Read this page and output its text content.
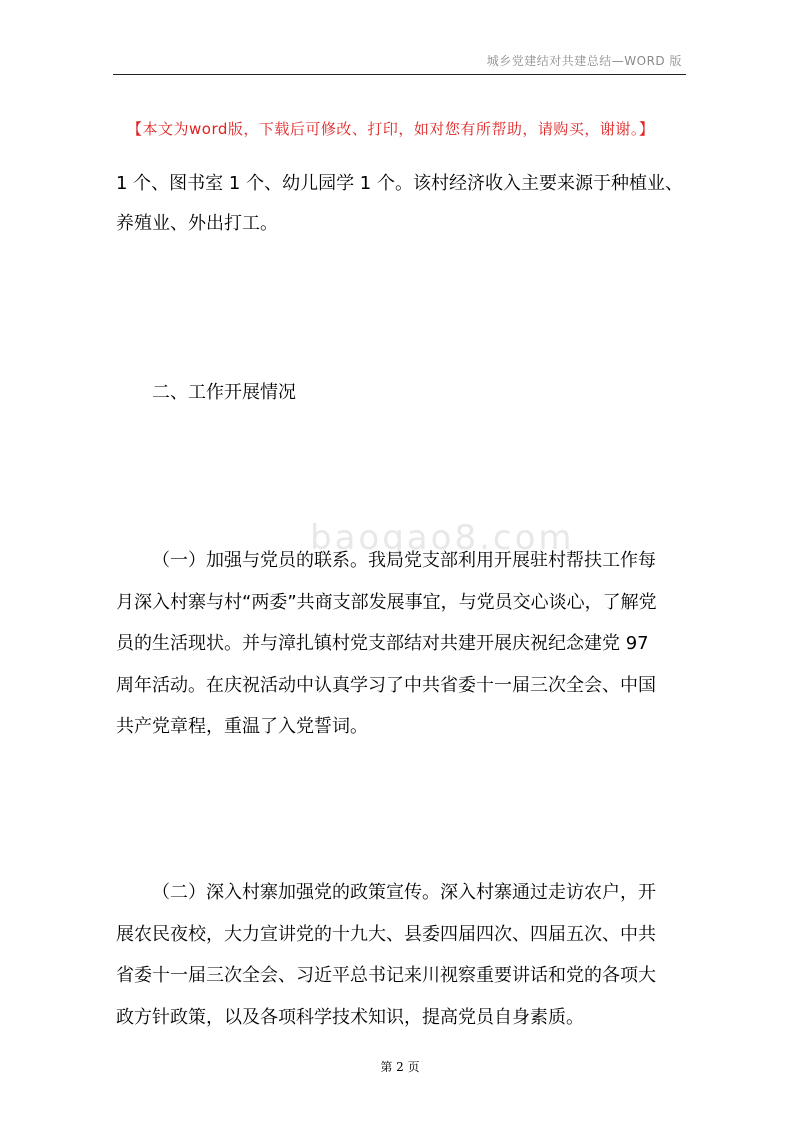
城乡党建结对共建总结—WORD 版
【本文为word版，下载后可修改、打印，如对您有所帮助，请购买，谢谢。】
1 个、图书室 1 个、幼儿园学 1 个。该村经济收入主要来源于种植业、
养殖业、外出打工。
二、工作开展情况
baogao8.com
（一）加强与党员的联系。我局党支部利用开展驻村帮扶工作每
月深入村寨与村“两委”共商支部发展事宜，与党员交心谈心，了解党
员的生活现状。并与漳扎镇村党支部结对共建开展庆祝纪念建党 97
周年活动。在庆祝活动中认真学习了中共省委十一届三次全会、中国
共产党章程，重温了入党誓词。
（二）深入村寨加强党的政策宣传。深入村寨通过走访农户，开
展农民夜校，大力宣讲党的十九大、县委四届四次、四届五次、中共
省委十一届三次全会、习近平总书记来川视察重要讲话和党的各项大
政方针政策，以及各项科学技术知识，提高党员自身素质。
第 2 页
